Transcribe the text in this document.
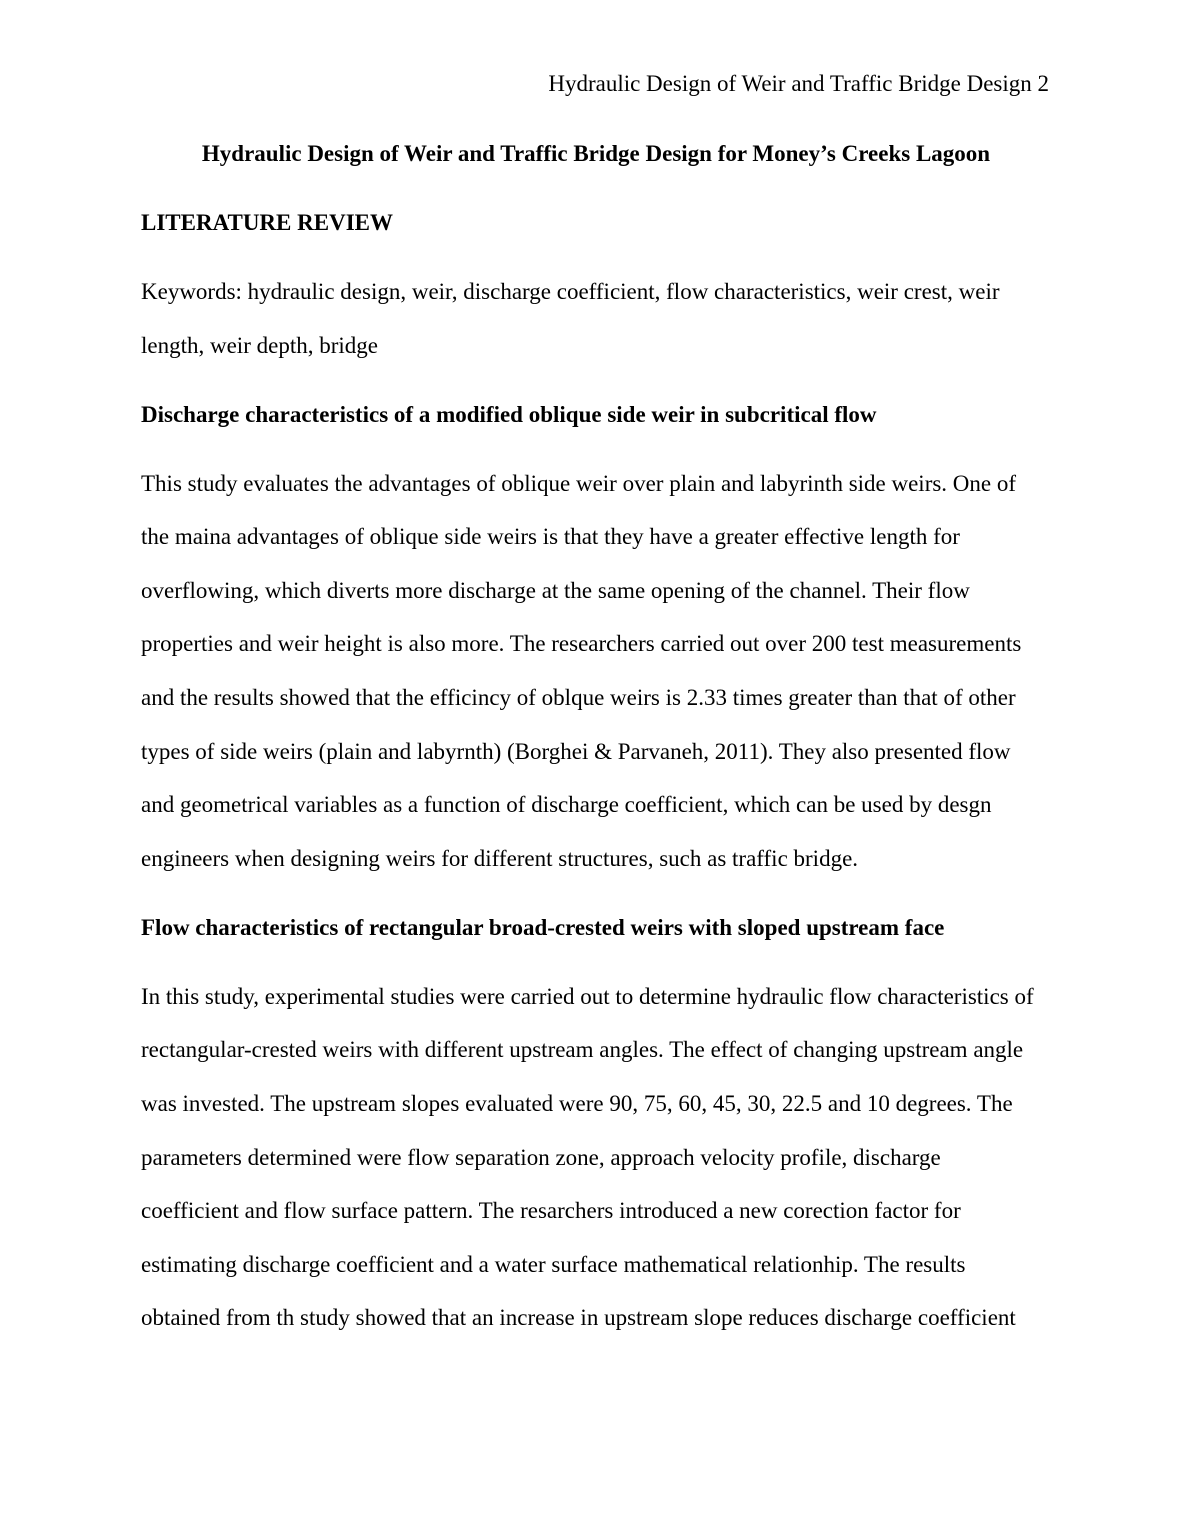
Hydraulic Design of Weir and Traffic Bridge Design 2
Hydraulic Design of Weir and Traffic Bridge Design for Money’s Creeks Lagoon
LITERATURE REVIEW
Keywords: hydraulic design, weir, discharge coefficient, flow characteristics, weir crest, weir
length, weir depth, bridge
Discharge characteristics of a modified oblique side weir in subcritical flow
This study evaluates the advantages of oblique weir over plain and labyrinth side weirs. One of
the maina advantages of oblique side weirs is that they have a greater effective length for
overflowing, which diverts more discharge at the same opening of the channel. Their flow
properties and weir height is also more. The researchers carried out over 200 test measurements
and the results showed that the efficincy of oblque weirs is 2.33 times greater than that of other
types of side weirs (plain and labyrnth) (Borghei & Parvaneh, 2011). They also presented flow
and geometrical variables as a function of discharge coefficient, which can be used by desgn
engineers when designing weirs for different structures, such as traffic bridge.
Flow characteristics of rectangular broad-crested weirs with sloped upstream face
In this study, experimental studies were carried out to determine hydraulic flow characteristics of
rectangular-crested weirs with different upstream angles. The effect of changing upstream angle
was invested. The upstream slopes evaluated were 90, 75, 60, 45, 30, 22.5 and 10 degrees. The
parameters determined were flow separation zone, approach velocity profile, discharge
coefficient and flow surface pattern. The resarchers introduced a new corection factor for
estimating discharge coefficient and a water surface mathematical relationhip. The results
obtained from th study showed that an increase in upstream slope reduces discharge coefficient
